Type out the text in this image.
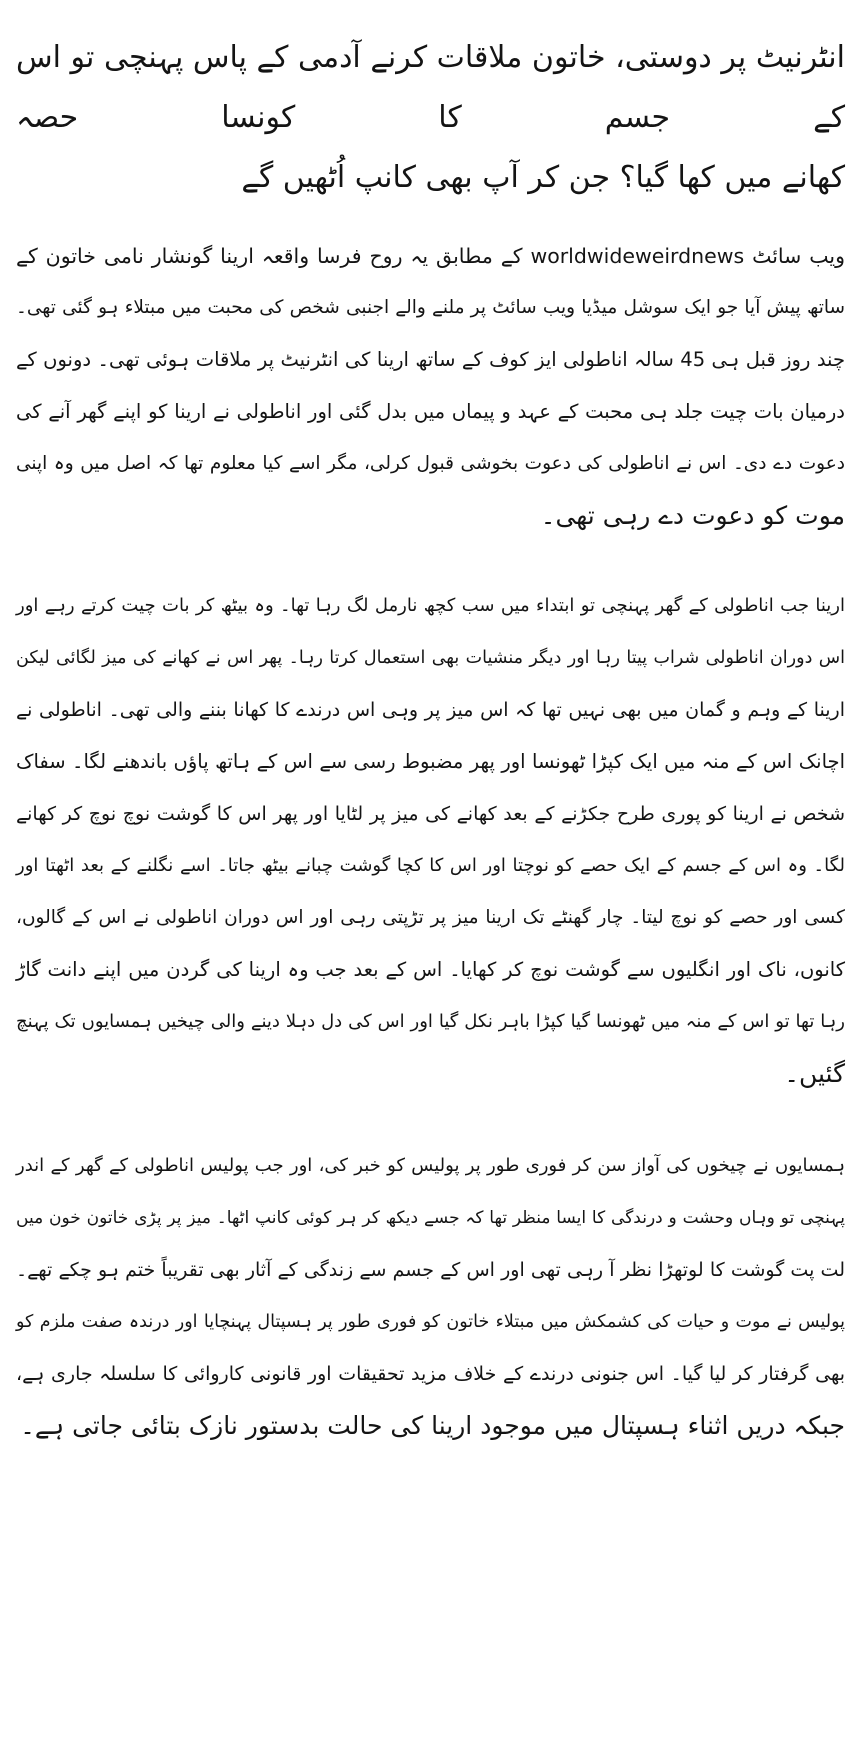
انٹرنیٹ پر دوستی، خاتون ملاقات کرنے آدمی کے پاس پہنچی تو اس کے جسم کا کونسا حصہ
کھانے میں کھا گیا؟ جن کر آپ بھی کانپ اُٹھیں گے
ویب سائٹ worldwideweirdnews کے مطابق یہ روح فرسا واقعہ ارینا گونشار نامی خاتون کے
ساتھ پیش آیا جو ایک سوشل میڈیا ویب سائٹ پر ملنے والے اجنبی شخص کی محبت میں مبتلاء ہو گئی تھی۔
چند روز قبل ہی 45 سالہ اناطولی ایز کوف کے ساتھ ارینا کی انٹرنیٹ پر ملاقات ہوئی تھی۔ دونوں کے
درمیان بات چیت جلد ہی محبت کے عہد و پیماں میں بدل گئی اور اناطولی نے ارینا کو اپنے گھر آنے کی
دعوت دے دی۔ اس نے اناطولی کی دعوت بخوشی قبول کرلی، مگر اسے کیا معلوم تھا کہ اصل میں وہ اپنی
موت کو دعوت دے رہی تھی۔
ارینا جب اناطولی کے گھر پہنچی تو ابتداء میں سب کچھ نارمل لگ رہا تھا۔ وہ بیٹھ کر بات چیت کرتے رہے اور
اس دوران اناطولی شراب پیتا رہا اور دیگر منشیات بھی استعمال کرتا رہا۔ پھر اس نے کھانے کی میز لگائی لیکن
ارینا کے وہم و گمان میں بھی نہیں تھا کہ اس میز پر وہی اس درندے کا کھانا بننے والی تھی۔ اناطولی نے
اچانک اس کے منہ میں ایک کپڑا ٹھونسا اور پھر مضبوط رسی سے اس کے ہاتھ پاؤں باندھنے لگا۔ سفاک
شخص نے ارینا کو پوری طرح جکڑنے کے بعد کھانے کی میز پر لٹایا اور پھر اس کا گوشت نوچ نوچ کر کھانے
لگا۔ وہ اس کے جسم کے ایک حصے کو نوچتا اور اس کا کچا گوشت چبانے بیٹھ جاتا۔ اسے نگلنے کے بعد اٹھتا اور
کسی اور حصے کو نوچ لیتا۔ چار گھنٹے تک ارینا میز پر تڑپتی رہی اور اس دوران اناطولی نے اس کے گالوں،
کانوں، ناک اور انگلیوں سے گوشت نوچ کر کھایا۔ اس کے بعد جب وہ ارینا کی گردن میں اپنے دانت گاڑ
رہا تھا تو اس کے منہ میں ٹھونسا گیا کپڑا باہر نکل گیا اور اس کی دل دہلا دینے والی چیخیں ہمسایوں تک پہنچ
گئیں۔
ہمسایوں نے چیخوں کی آواز سن کر فوری طور پر پولیس کو خبر کی، اور جب پولیس اناطولی کے گھر کے اندر
پہنچی تو وہاں وحشت و درندگی کا ایسا منظر تھا کہ جسے دیکھ کر ہر کوئی کانپ اٹھا۔ میز پر پڑی خاتون خون میں
لت پت گوشت کا لوتھڑا نظر آ رہی تھی اور اس کے جسم سے زندگی کے آثار بھی تقریباً ختم ہو چکے تھے۔
پولیس نے موت و حیات کی کشمکش میں مبتلاء خاتون کو فوری طور پر ہسپتال پہنچایا اور درندہ صفت ملزم کو
بھی گرفتار کر لیا گیا۔ اس جنونی درندے کے خلاف مزید تحقیقات اور قانونی کاروائی کا سلسلہ جاری ہے،
جبکہ دریں اثناء ہسپتال میں موجود ارینا کی حالت بدستور نازک بتائی جاتی ہے۔
